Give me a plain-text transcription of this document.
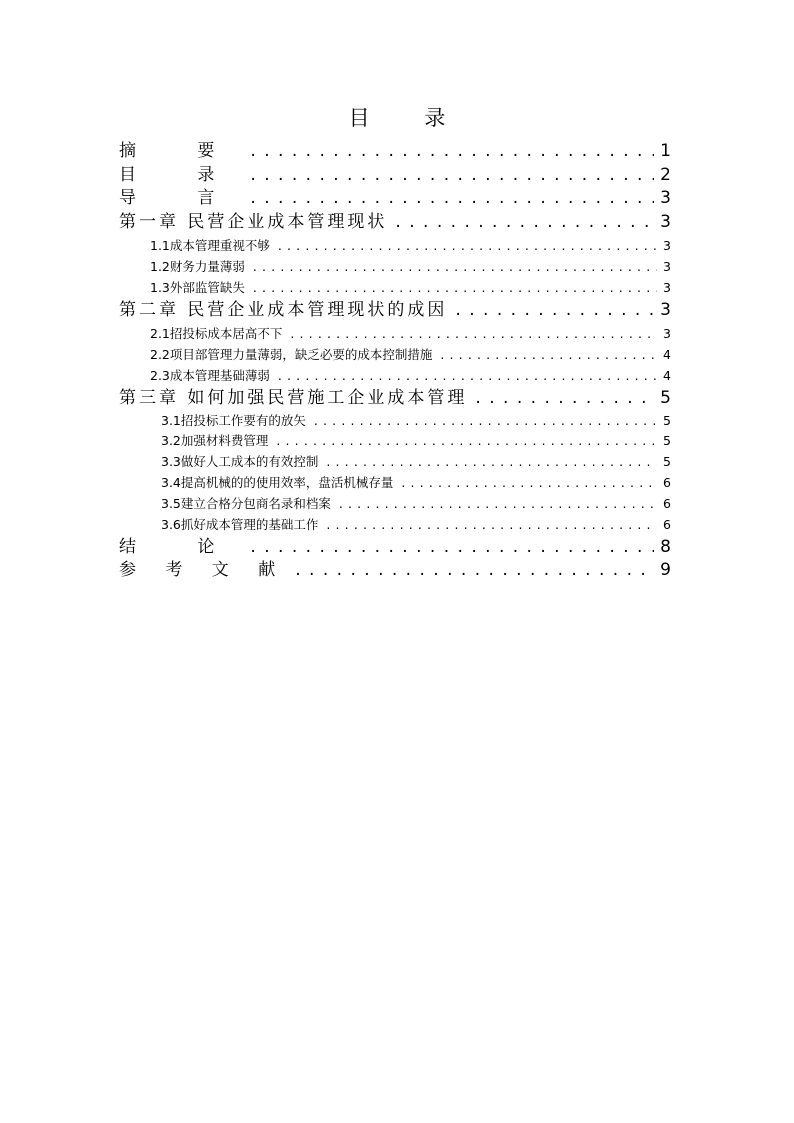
目 录
摘 要 . . .	1
目 录 . . .	2
导 言 . . .	3
第一章 民营企业成本管理现状 . . .	3
1.1成本管理重视不够 . . .	3
1.2财务力量薄弱 . . .	3
1.3外部监管缺失 . . .	3
第二章 民营企业成本管理现状的成因 . . .	3
2.1招投标成本居高不下 . . .	3
2.2项目部管理力量薄弱，缺乏必要的成本控制措施 . . .	4
2.3成本管理基础薄弱 . . .	4
第三章 如何加强民营施工企业成本管理 . . .	5
3.1招投标工作要有的放矢 . . .	5
3.2加强材料费管理 . . .	5
3.3做好人工成本的有效控制 . . .	5
3.4提高机械的的使用效率，盘活机械存量 . . .	6
3.5建立合格分包商名录和档案 . . .	6
3.6抓好成本管理的基础工作 . . .	6
结 论 . . .	8
参 考 文 献 . . .	9
